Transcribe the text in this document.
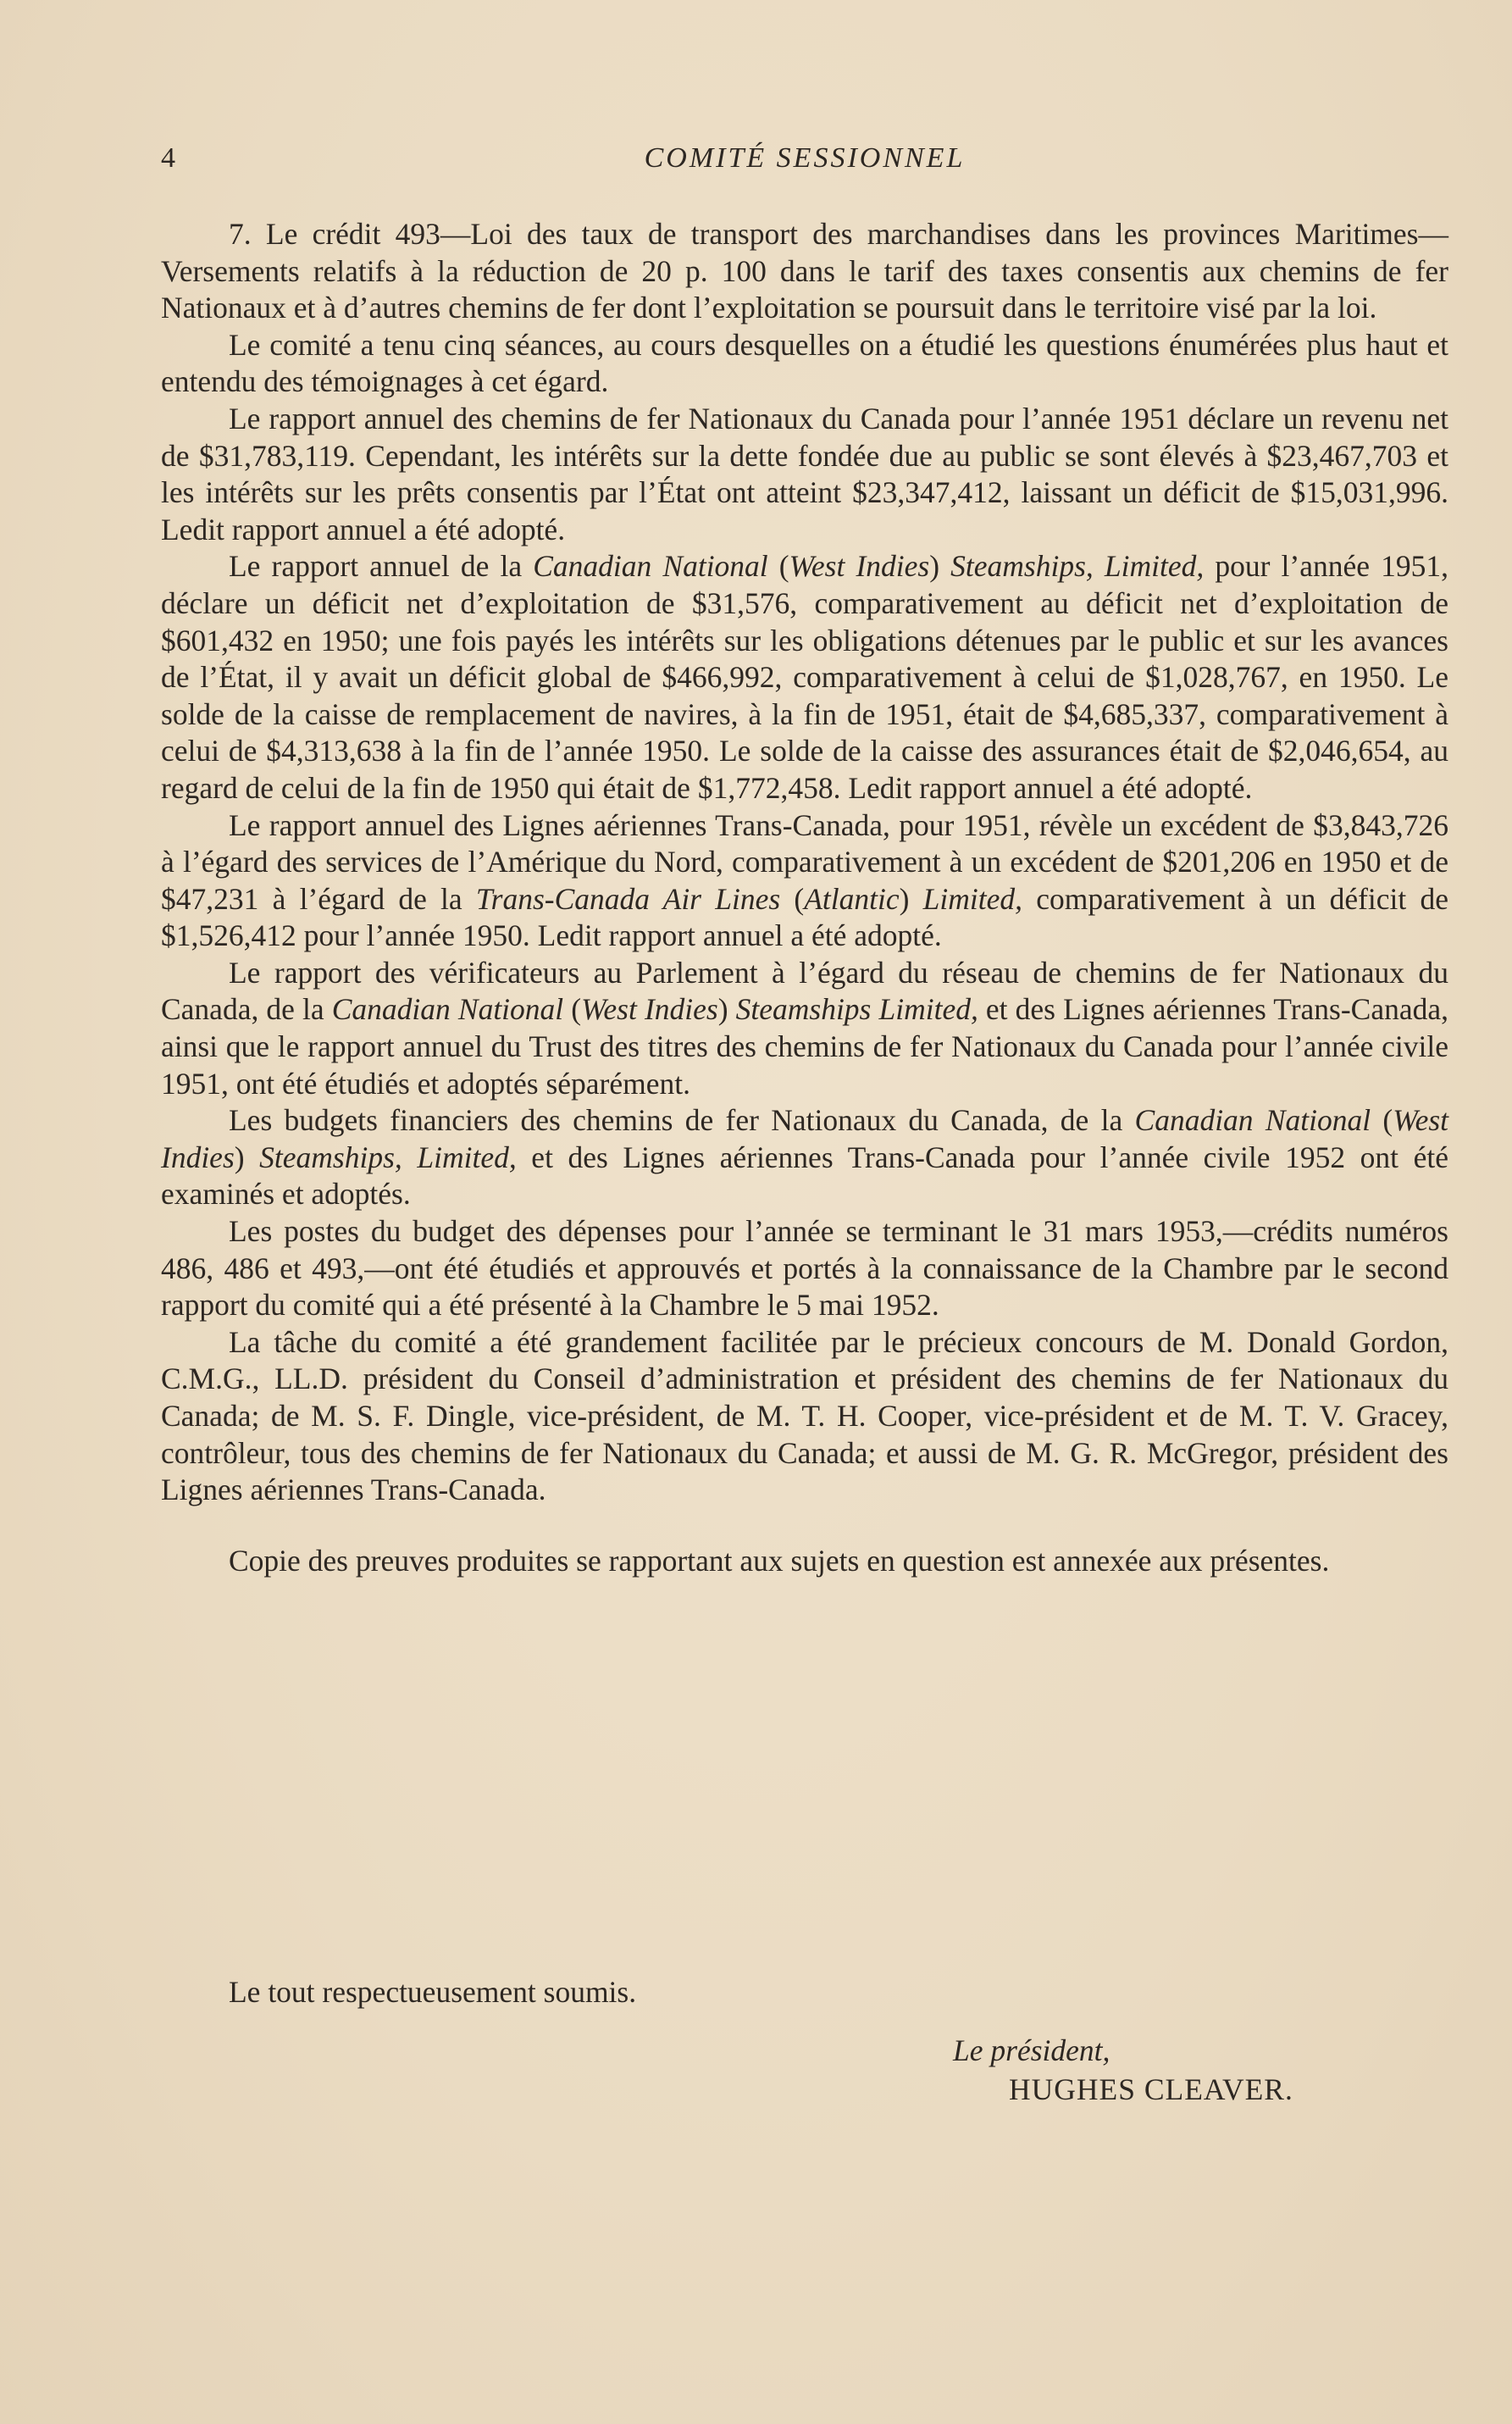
4	COMITÉ SESSIONNEL

7. Le crédit 493—Loi des taux de transport des marchandises dans les provinces Maritimes—Versements relatifs à la réduction de 20 p. 100 dans le tarif des taxes consentis aux chemins de fer Nationaux et à d’autres chemins de fer dont l’exploitation se poursuit dans le territoire visé par la loi.

Le comité a tenu cinq séances, au cours desquelles on a étudié les questions énumérées plus haut et entendu des témoignages à cet égard.

Le rapport annuel des chemins de fer Nationaux du Canada pour l’année 1951 déclare un revenu net de $31,783,119. Cependant, les intérêts sur la dette fondée due au public se sont élevés à $23,467,703 et les intérêts sur les prêts consentis par l’État ont atteint $23,347,412, laissant un déficit de $15,031,996. Ledit rapport annuel a été adopté.

Le rapport annuel de la Canadian National (West Indies) Steamships, Limited, pour l’année 1951, déclare un déficit net d’exploitation de $31,576, comparativement au déficit net d’exploitation de $601,432 en 1950; une fois payés les intérêts sur les obligations détenues par le public et sur les avances de l’État, il y avait un déficit global de $466,992, comparativement à celui de $1,028,767, en 1950. Le solde de la caisse de remplacement de navires, à la fin de 1951, était de $4,685,337, comparativement à celui de $4,313,638 à la fin de l’année 1950. Le solde de la caisse des assurances était de $2,046,654, au regard de celui de la fin de 1950 qui était de $1,772,458. Ledit rapport annuel a été adopté.

Le rapport annuel des Lignes aériennes Trans-Canada, pour 1951, révèle un excédent de $3,843,726 à l’égard des services de l’Amérique du Nord, comparativement à un excédent de $201,206 en 1950 et de $47,231 à l’égard de la Trans-Canada Air Lines (Atlantic) Limited, comparativement à un déficit de $1,526,412 pour l’année 1950. Ledit rapport annuel a été adopté.

Le rapport des vérificateurs au Parlement à l’égard du réseau de chemins de fer Nationaux du Canada, de la Canadian National (West Indies) Steamships Limited, et des Lignes aériennes Trans-Canada, ainsi que le rapport annuel du Trust des titres des chemins de fer Nationaux du Canada pour l’année civile 1951, ont été étudiés et adoptés séparément.

Les budgets financiers des chemins de fer Nationaux du Canada, de la Canadian National (West Indies) Steamships, Limited, et des Lignes aériennes Trans-Canada pour l’année civile 1952 ont été examinés et adoptés.

Les postes du budget des dépenses pour l’année se terminant le 31 mars 1953,—crédits numéros 486, 486 et 493,—ont été étudiés et approuvés et portés à la connaissance de la Chambre par le second rapport du comité qui a été présenté à la Chambre le 5 mai 1952.

La tâche du comité a été grandement facilitée par le précieux concours de M. Donald Gordon, C.M.G., LL.D. président du Conseil d’administration et président des chemins de fer Nationaux du Canada; de M. S. F. Dingle, vice-président, de M. T. H. Cooper, vice-président et de M. T. V. Gracey, contrôleur, tous des chemins de fer Nationaux du Canada; et aussi de M. G. R. McGregor, président des Lignes aériennes Trans-Canada.

Copie des preuves produites se rapportant aux sujets en question est annexée aux présentes.

Le tout respectueusement soumis.
Le président,
HUGHES CLEAVER.
